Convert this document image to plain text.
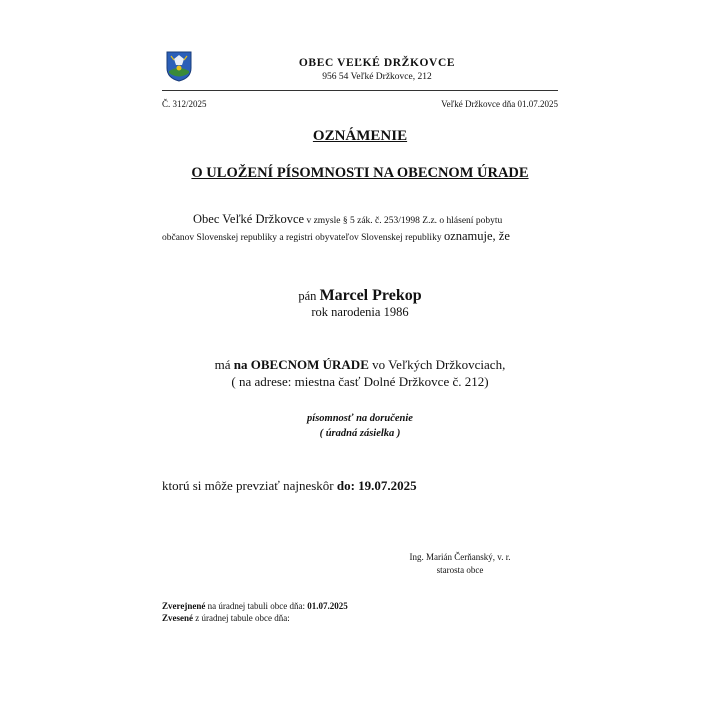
OBEC VEĽKÉ DRŽKOVCE
956 54 Veľké Držkovce, 212
Č. 312/2025	Veľké Držkovce dňa 01.07.2025
OZNÁMENIE
O ULOŽENÍ PÍSOMNOSTI NA OBECNOM ÚRADE
Obec Veľké Držkovce v zmysle § 5 zák. č. 253/1998 Z.z. o hlásení pobytu
občanov Slovenskej republiky a registri obyvateľov Slovenskej republiky oznamuje, že
pán Marcel Prekop
rok narodenia 1986
má na OBECNOM ÚRADE vo Veľkých Držkovciach,
( na adrese: miestna časť Dolné Držkovce č. 212)
písomnosť na doručenie
( úradná zásielka )
ktorú si môže prevziať najneskôr do: 19.07.2025
Ing. Marián Čerňanský, v. r.
starosta obce
Zverejnené na úradnej tabuli obce dňa: 01.07.2025
Zvesené z úradnej tabule obce dňa:
